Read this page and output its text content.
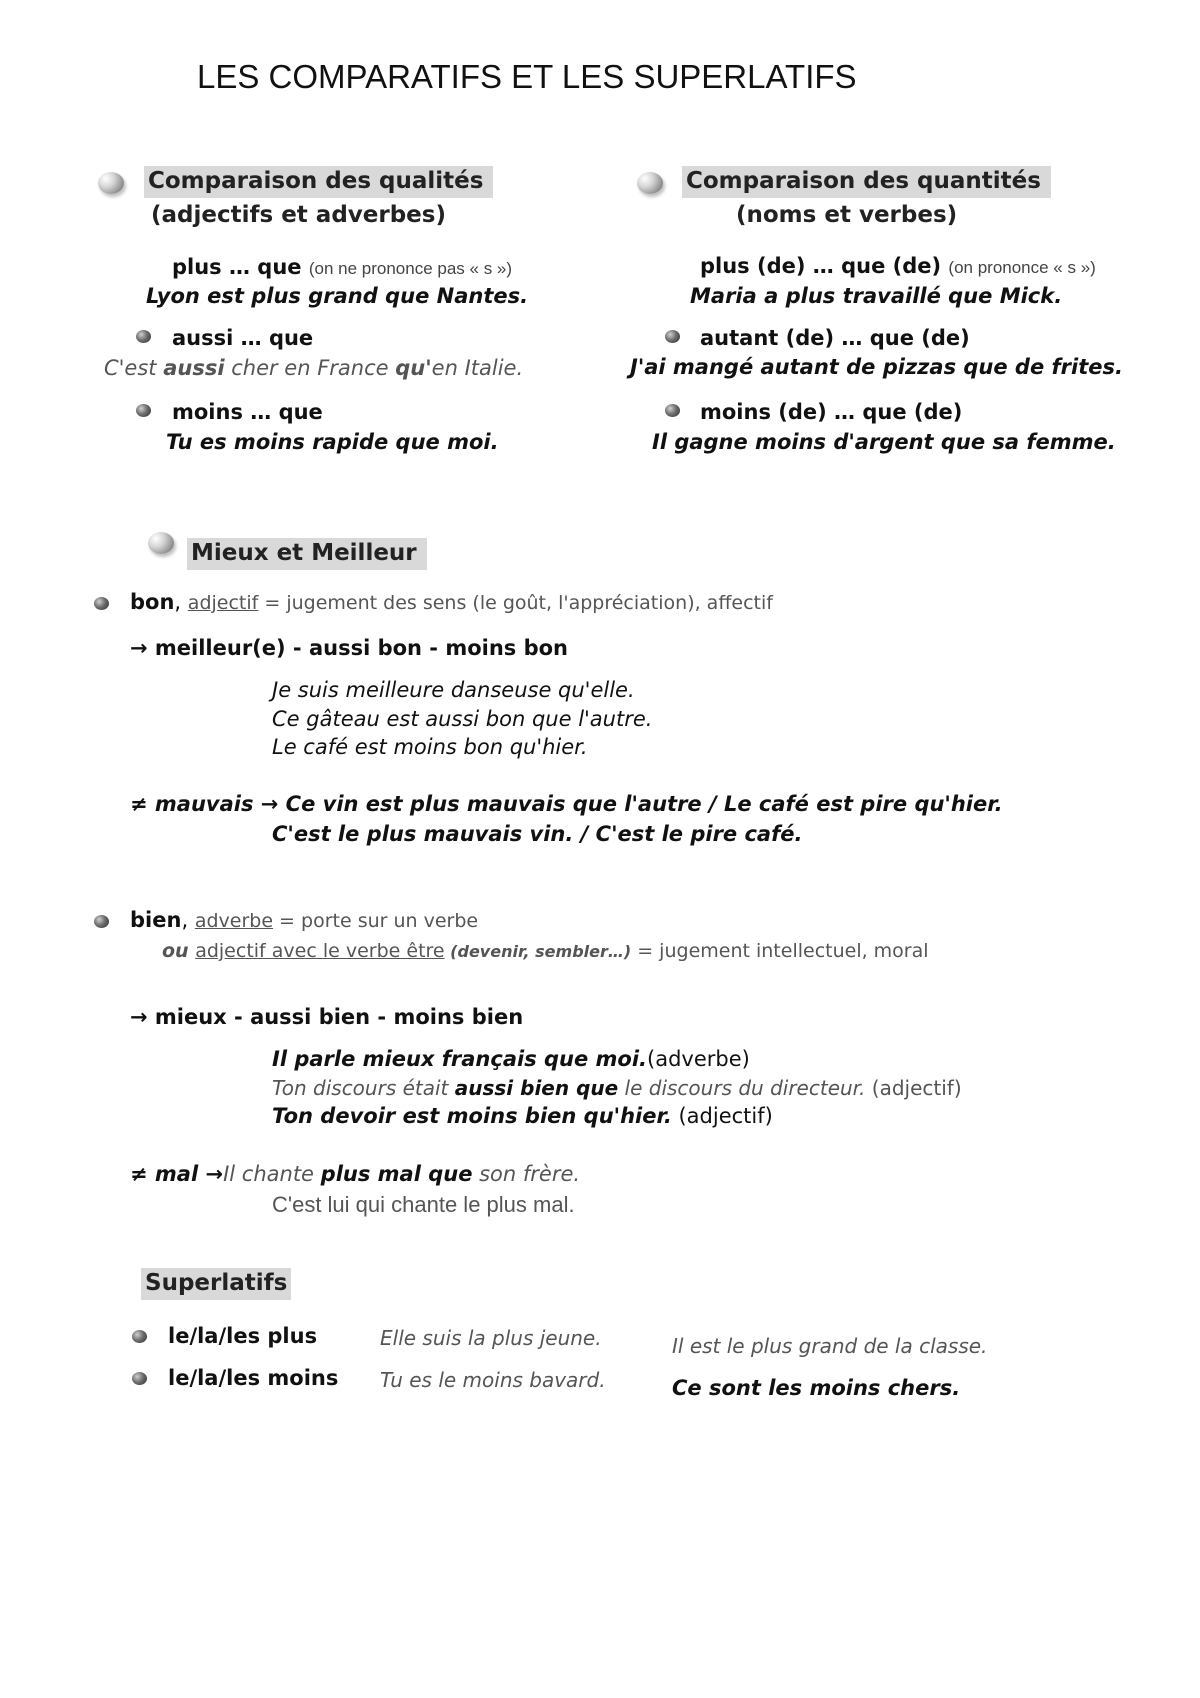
LES COMPARATIFS ET LES SUPERLATIFS
Comparaison des qualités
(adjectifs et adverbes)
plus … que (on ne prononce pas « s »)
Lyon est plus grand que Nantes.
aussi … que
C'est aussi cher en France qu'en Italie.
moins … que
Tu es moins rapide que moi.
Comparaison des quantités
(noms et verbes)
plus (de) … que (de) (on prononce « s »)
Maria a plus travaillé que Mick.
autant (de) … que (de)
J'ai mangé autant de pizzas que de frites.
moins (de) … que (de)
Il gagne moins d'argent que sa femme.
Mieux et Meilleur
bon, adjectif = jugement des sens (le goût, l'appréciation), affectif
→ meilleur(e) - aussi bon - moins bon
Je suis meilleure danseuse qu'elle.
Ce gâteau est aussi bon que l'autre.
Le café est moins bon qu'hier.
≠ mauvais → Ce vin est plus mauvais que l'autre / Le café est pire qu'hier.
C'est le plus mauvais vin. / C'est le pire café.
bien, adverbe = porte sur un verbe
ou adjectif avec le verbe être (devenir, sembler…) = jugement intellectuel, moral
→ mieux - aussi bien - moins bien
Il parle mieux français que moi.(adverbe)
Ton discours était aussi bien que le discours du directeur. (adjectif)
Ton devoir est moins bien qu'hier. (adjectif)
≠ mal →Il chante plus mal que son frère.
C'est lui qui chante le plus mal.
Superlatifs
le/la/les plus	Elle suis la plus jeune.	Il est le plus grand de la classe.
le/la/les moins Tu es le moins bavard.	Ce sont les moins chers.
